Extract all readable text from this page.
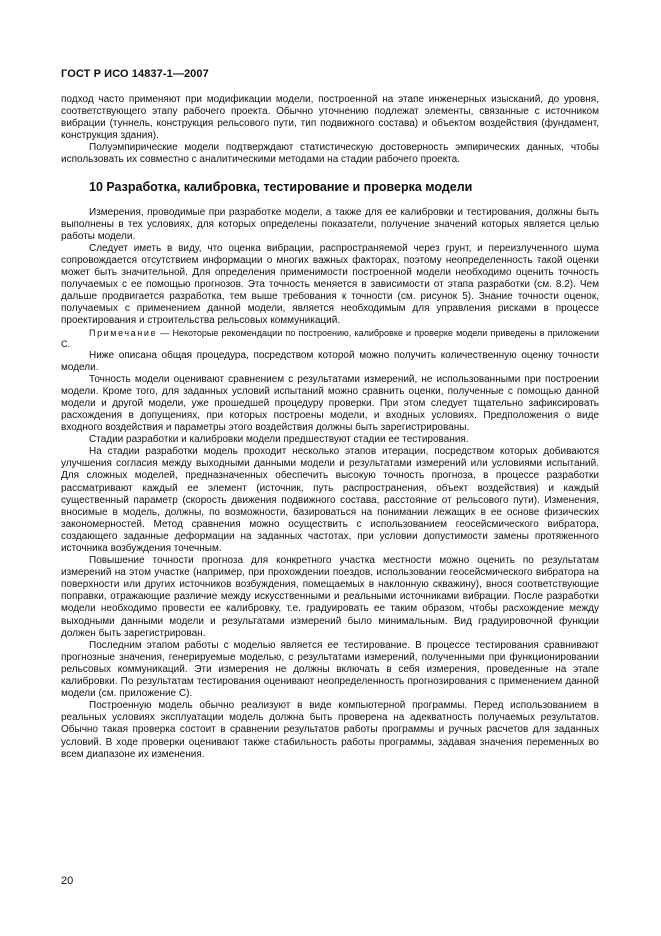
ГОСТ Р ИСО 14837-1—2007

подход часто применяют при модификации модели, построенной на этапе инженерных изысканий, до уровня, соответствующего этапу рабочего проекта. Обычно уточнению подлежат элементы, связанные с источником вибрации (туннель, конструкция рельсового пути, тип подвижного состава) и объектом воздействия (фундамент, конструкция здания).

Полуэмпирические модели подтверждают статистическую достоверность эмпирических данных, чтобы использовать их совместно с аналитическими методами на стадии рабочего проекта.

10 Разработка, калибровка, тестирование и проверка модели

Измерения, проводимые при разработке модели, а также для ее калибровки и тестирования, должны быть выполнены в тех условиях, для которых определены показатели, получение значений которых является целью работы модели.

Следует иметь в виду, что оценка вибрации, распространяемой через грунт, и переизлученного шума сопровождается отсутствием информации о многих важных факторах, поэтому неопределенность такой оценки может быть значительной. Для определения применимости построенной модели необходимо оценить точность получаемых с ее помощью прогнозов. Эта точность меняется в зависимости от этапа разработки (см. 8.2). Чем дальше продвигается разработка, тем выше требования к точности (см. рисунок 5). Знание точности оценок, получаемых с применением данной модели, является необходимым для управления рисками в процессе проектирования и строительства рельсовых коммуникаций.

Примечание — Некоторые рекомендации по построению, калибровке и проверке модели приведены в приложении С.

Ниже описана общая процедура, посредством которой можно получить количественную оценку точности модели.

Точность модели оценивают сравнением с результатами измерений, не использованными при построении модели. Кроме того, для заданных условий испытаний можно сравнить оценки, полученные с помощью данной модели и другой модели, уже прошедшей процедуру проверки. При этом следует тщательно зафиксировать расхождения в допущениях, при которых построены модели, и входных условиях. Предположения о виде входного воздействия и параметры этого воздействия должны быть зарегистрированы.

Стадии разработки и калибровки модели предшествуют стадии ее тестирования.

На стадии разработки модель проходит несколько этапов итерации, посредством которых добиваются улучшения согласия между выходными данными модели и результатами измерений или условиями испытаний. Для сложных моделей, предназначенных обеспечить высокую точность прогноза, в процессе разработки рассматривают каждый ее элемент (источник, путь распространения, объект воздействия) и каждый существенный параметр (скорость движения подвижного состава, расстояние от рельсового пути). Изменения, вносимые в модель, должны, по возможности, базироваться на понимании лежащих в ее основе физических закономерностей. Метод сравнения можно осуществить с использованием геосейсмического вибратора, создающего заданные деформации на заданных частотах, при условии допустимости замены протяженного источника возбуждения точечным.

Повышение точности прогноза для конкретного участка местности можно оценить по результатам измерений на этом участке (например, при прохождении поездов, использовании геосейсмического вибратора на поверхности или других источников возбуждения, помещаемых в наклонную скважину), внося соответствующие поправки, отражающие различие между искусственными и реальными источниками вибрации. После разработки модели необходимо провести ее калибровку, т.е. градуировать ее таким образом, чтобы расхождение между выходными данными модели и результатами измерений было минимальным. Вид градуировочной функции должен быть зарегистрирован.

Последним этапом работы с моделью является ее тестирование. В процессе тестирования сравнивают прогнозные значения, генерируемые моделью, с результатами измерений, полученными при функционировании рельсовых коммуникаций. Эти измерения не должны включать в себя измерения, проведенные на этапе калибровки. По результатам тестирования оценивают неопределенность прогнозирования с применением данной модели (см. приложение С).

Построенную модель обычно реализуют в виде компьютерной программы. Перед использованием в реальных условиях эксплуатации модель должна быть проверена на адекватность получаемых результатов. Обычно такая проверка состоит в сравнении результатов работы программы и ручных расчетов для заданных условий. В ходе проверки оценивают также стабильность работы программы, задавая значения переменных во всем диапазоне их изменения.

20
